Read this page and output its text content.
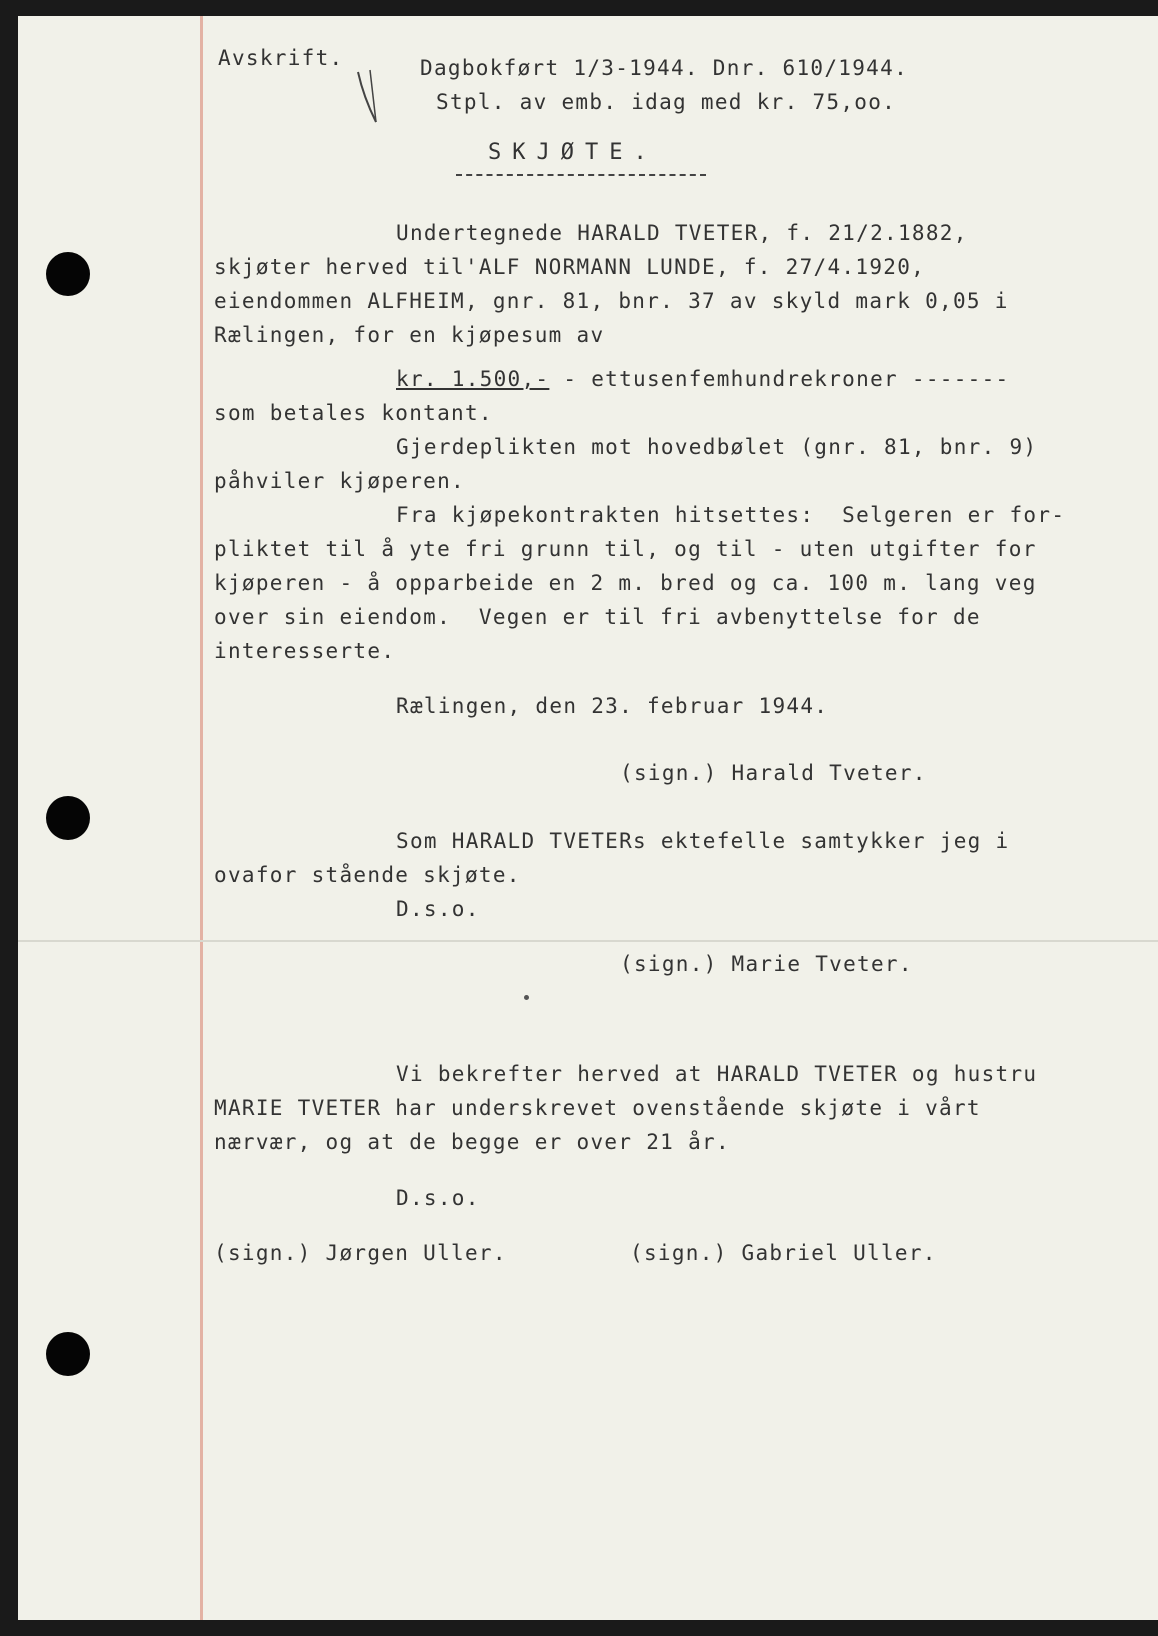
Avskrift.	Dagbokført 1/3-1944. Dnr. 610/1944.

Stpl. av emb. idag med kr. 75,oo.

SKJØTE.

Undertegnede HARALD TVETER, f. 21/2.1882,

skjøter herved til'ALF NORMANN LUNDE, f. 27/4.1920,

eiendommen ALFHEIM, gnr. 81, bnr. 37 av skyld mark 0,05 i

Rælingen, for en kjøpesum av

kr. 1.500,- - ettusenfemhundrekroner -------

som betales kontant.

Gjerdeplikten mot hovedbølet (gnr. 81, bnr. 9)

påhviler kjøperen.

Fra kjøpekontrakten hitsettes:  Selgeren er for-

pliktet til å yte fri grunn til, og til - uten utgifter for

kjøperen - å opparbeide en 2 m. bred og ca. 100 m. lang veg

over sin eiendom.  Vegen er til fri avbenyttelse for de

interesserte.

Rælingen, den 23. februar 1944.

(sign.) Harald Tveter.

Som HARALD TVETERs ektefelle samtykker jeg i

ovafor stående skjøte.

D.s.o.

(sign.) Marie Tveter.

Vi bekrefter herved at HARALD TVETER og hustru

MARIE TVETER har underskrevet ovenstående skjøte i vårt

nærvær, og at de begge er over 21 år.

D.s.o.

(sign.) Jørgen Uller.	(sign.) Gabriel Uller.
